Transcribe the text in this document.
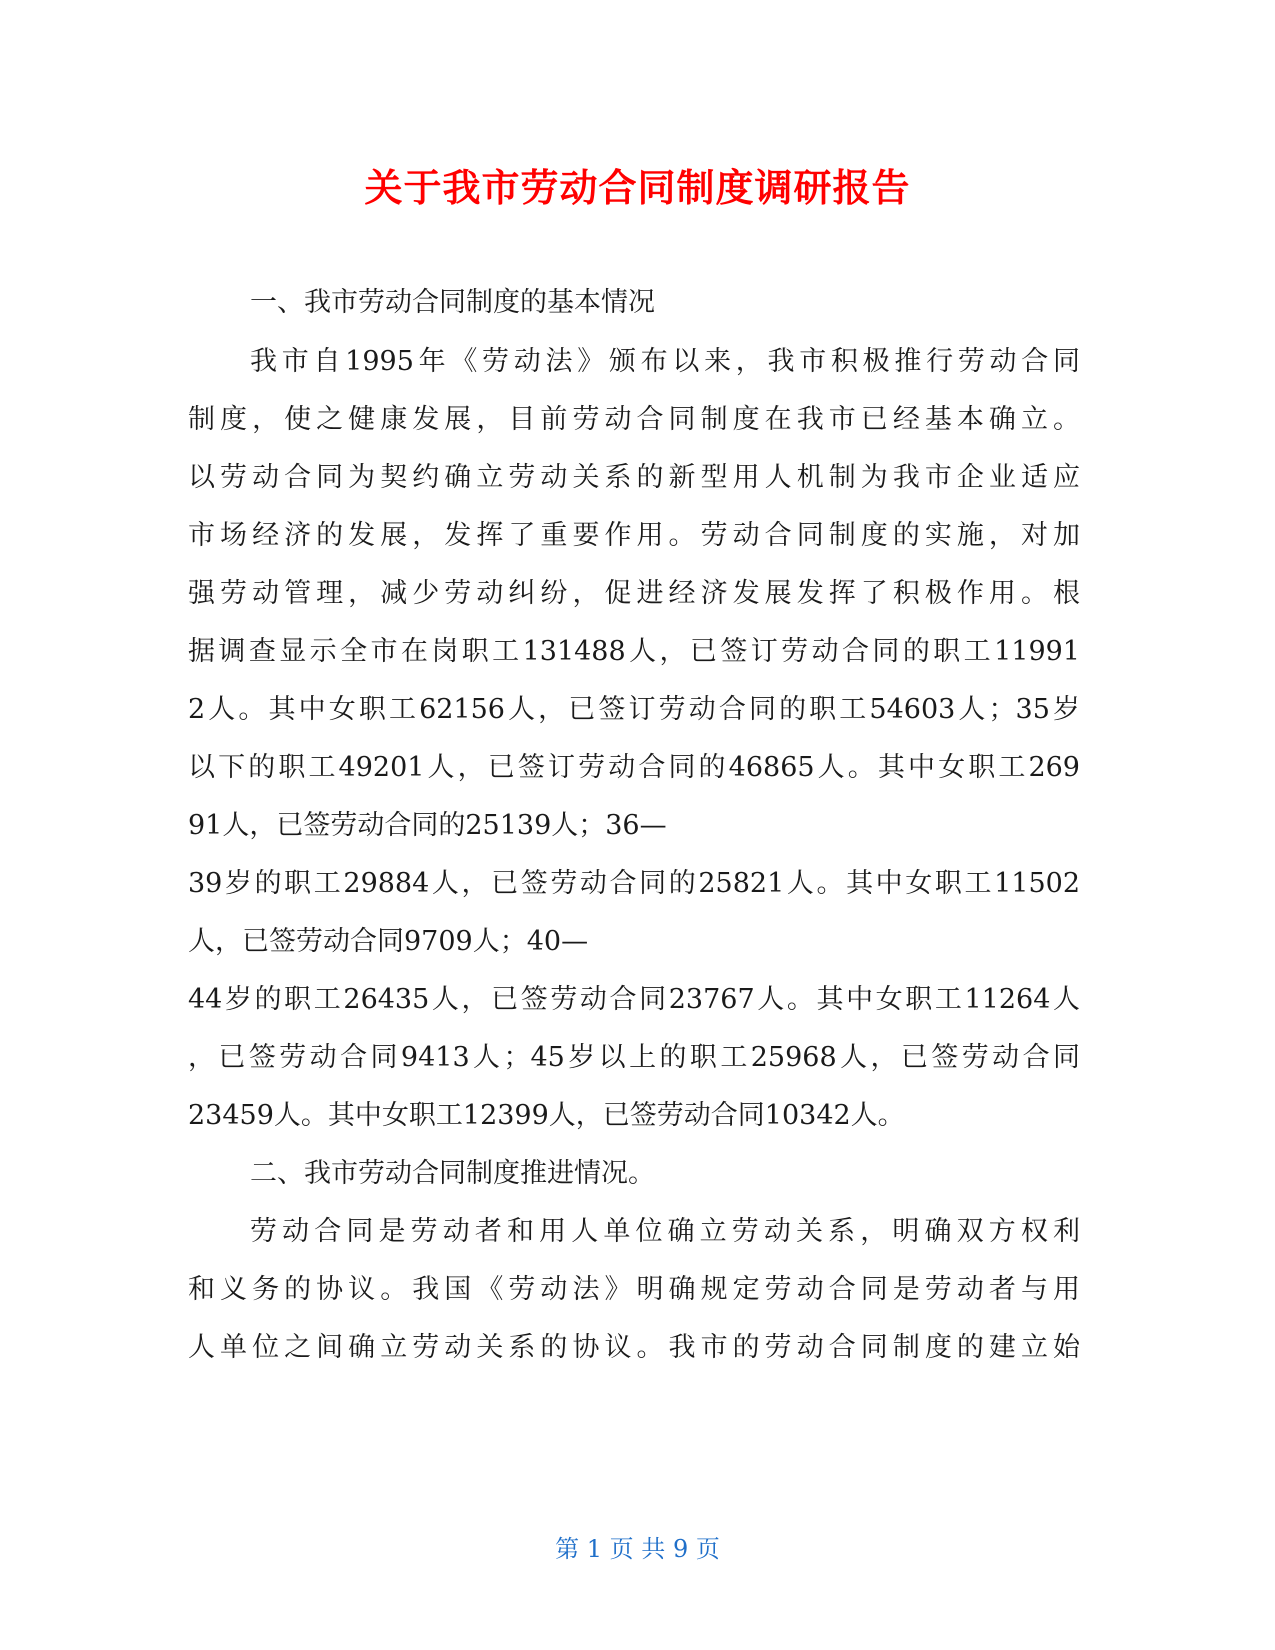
关于我市劳动合同制度调研报告
一、我市劳动合同制度的基本情况
我市自1995年《劳动法》颁布以来，我市积极推行劳动合同
制度，使之健康发展，目前劳动合同制度在我市已经基本确立。
以劳动合同为契约确立劳动关系的新型用人机制为我市企业适应
市场经济的发展，发挥了重要作用。劳动合同制度的实施，对加
强劳动管理，减少劳动纠纷，促进经济发展发挥了积极作用。根
据调查显示全市在岗职工131488人，已签订劳动合同的职工11991
2人。其中女职工62156人，已签订劳动合同的职工54603人；35岁
以下的职工49201人，已签订劳动合同的46865人。其中女职工269
91人，已签劳动合同的25139人；36—
39岁的职工29884人，已签劳动合同的25821人。其中女职工11502
人，已签劳动合同9709人；40—
44岁的职工26435人，已签劳动合同23767人。其中女职工11264人
，已签劳动合同9413人；45岁以上的职工25968人，已签劳动合同
23459人。其中女职工12399人，已签劳动合同10342人。
二、我市劳动合同制度推进情况。
劳动合同是劳动者和用人单位确立劳动关系，明确双方权利
和义务的协议。我国《劳动法》明确规定劳动合同是劳动者与用
人单位之间确立劳动关系的协议。我市的劳动合同制度的建立始
第 1 页 共 9 页
